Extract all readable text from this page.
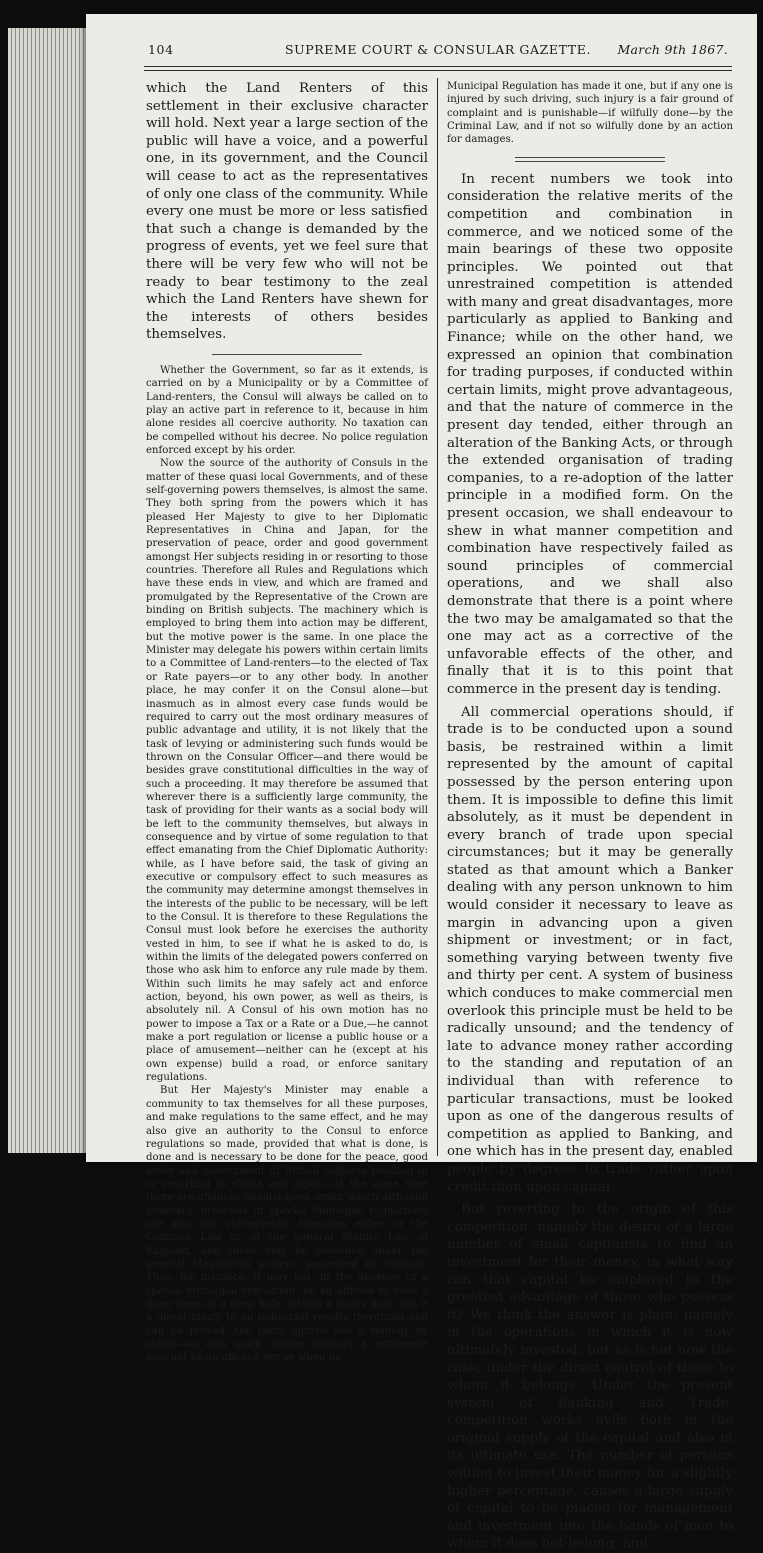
104	SUPREME COURT & CONSULAR GAZETTE.	March 9th 1867.

which the Land Renters of this settlement in their exclusive character will hold. Next year a large section of the public will have a voice, and a powerful one, in its government, and the Council will cease to act as the representatives of only one class of the community. While every one must be more or less satisfied that such a change is demanded by the progress of events, yet we feel sure that there will be very few who will not be ready to bear testimony to the zeal which the Land Renters have shewn for the interests of others besides themselves.

Whether the Government, so far as it extends, is carried on by a Municipality or by a Committee of Land-renters, the Consul will always be called on to play an active part in reference to it, because in him alone resides all coercive authority. No taxation can be compelled without his decree. No police regulation enforced except by his order.

Now the source of the authority of Consuls in the matter of these quasi local Governments, and of these self-governing powers themselves, is almost the same. They both spring from the powers which it has pleased Her Majesty to give to her Diplomatic Representatives in China and Japan, for the preservation of peace, order and good government amongst Her subjects residing in or resorting to those countries. Therefore all Rules and Regulations which have these ends in view, and which are framed and promulgated by the Representative of the Crown are binding on British subjects. The machinery which is employed to bring them into action may be different, but the motive power is the same. In one place the Minister may delegate his powers within certain limits to a Committee of Land-renters—to the elected of Tax or Rate payers—or to any other body. In another place, he may confer it on the Consul alone—but inasmuch as in almost every case funds would be required to carry out the most ordinary measures of public advantage and utility, it is not likely that the task of levying or administering such funds would be thrown on the Consular Officer—and there would be besides grave constitutional difficulties in the way of such a proceeding. It may therefore be assumed that wherever there is a sufficiently large community, the task of providing for their wants as a social body will be left to the community themselves, but always in consequence and by virtue of some regulation to that effect emanating from the Chief Diplomatic Authority: while, as I have before said, the task of giving an executive or compulsory effect to such measures as the community may determine amongst themselves in the interests of the public to be necessary, will be left to the Consul. It is therefore to these Regulations the Consul must look before he exercises the authority vested in him, to see if what he is asked to do, is within the limits of the delegated powers conferred on those who ask him to enforce any rule made by them. Within such limits he may safely act and enforce action, beyond, his own power, as well as theirs, is absolutely nil. A Consul of his own motion has no power to impose a Tax or a Rate or a Due,—he cannot make a port regulation or license a public house or a place of amusement—neither can he (except at his own expense) build a road, or enforce sanitary regulations.

But Her Majesty's Minister may enable a community to tax themselves for all these purposes, and make regulations to the same effect, and he may also give an authority to the Consul to enforce regulations so made, provided that what is done, is done and is necessary to be done for the peace, good order and government of British subjects residing in or resorting to China and Japan. At the same time there are offences against good order, which although generally breaches of special Municipal regulations are also not unfrequently breaches either of the Common Law or of the general Statute Law of England, and these may be punished under the general Magisterial powers, possessed by Consuls. Thus, for instance, it may not, in the absence of a special Municipal regulation, be an offence to have a dung heap or a deep hole outside a man's door, but if a direct injury to an individual results therefrom and can be proved, the party injured has a remedy by action—so also quick driving through a settlement may not be an offence per se when no

Municipal Regulation has made it one, but if any one is injured by such driving, such injury is a fair ground of complaint and is punishable—if wilfully done—by the Criminal Law, and if not so wilfully done by an action for damages.

In recent numbers we took into consideration the relative merits of the competition and combination in commerce, and we noticed some of the main bearings of these two opposite principles. We pointed out that unrestrained competition is attended with many and great disadvantages, more particularly as applied to Banking and Finance; while on the other hand, we expressed an opinion that combination for trading purposes, if conducted within certain limits, might prove advantageous, and that the nature of commerce in the present day tended, either through an alteration of the Banking Acts, or through the extended organisation of trading companies, to a re-adoption of the latter principle in a modified form. On the present occasion, we shall endeavour to shew in what manner competition and combination have respectively failed as sound principles of commercial operations, and we shall also demonstrate that there is a point where the two may be amalgamated so that the one may act as a corrective of the unfavorable effects of the other, and finally that it is to this point that commerce in the present day is tending.

All commercial operations should, if trade is to be conducted upon a sound basis, be restrained within a limit represented by the amount of capital possessed by the person entering upon them. It is impossible to define this limit absolutely, as it must be dependent in every branch of trade upon special circumstances; but it may be generally stated as that amount which a Banker dealing with any person unknown to him would consider it necessary to leave as margin in advancing upon a given shipment or investment; or in fact, something varying between twenty five and thirty per cent. A system of business which conduces to make commercial men overlook this principle must be held to be radically unsound; and the tendency of late to advance money rather according to the standing and reputation of an individual than with reference to particular transactions, must be looked upon as one of the dangerous results of competition as applied to Banking, and one which has in the present day, enabled people by degrees to trade rather upon credit than upon capital.

But reverting to the origin of this competition, namely the desire of a large number of small capitalists to find an investment for their money, in what way can that capital be employed to the greatest advantage of those who possess it? We think the answer is plain; namely in the operations in which it is now ultimately invested; but as is not now the case, under the direct control of those to whom it belongs. Under the present system of Banking and Trade, competition works evils both in the original supply of the capital and also in its ultimate use. The number of persons willing to invest their money for a slightly higher percentage, causes a large supply of capital to be placed for management and investment into the hands of men to whom it does not belong; and
